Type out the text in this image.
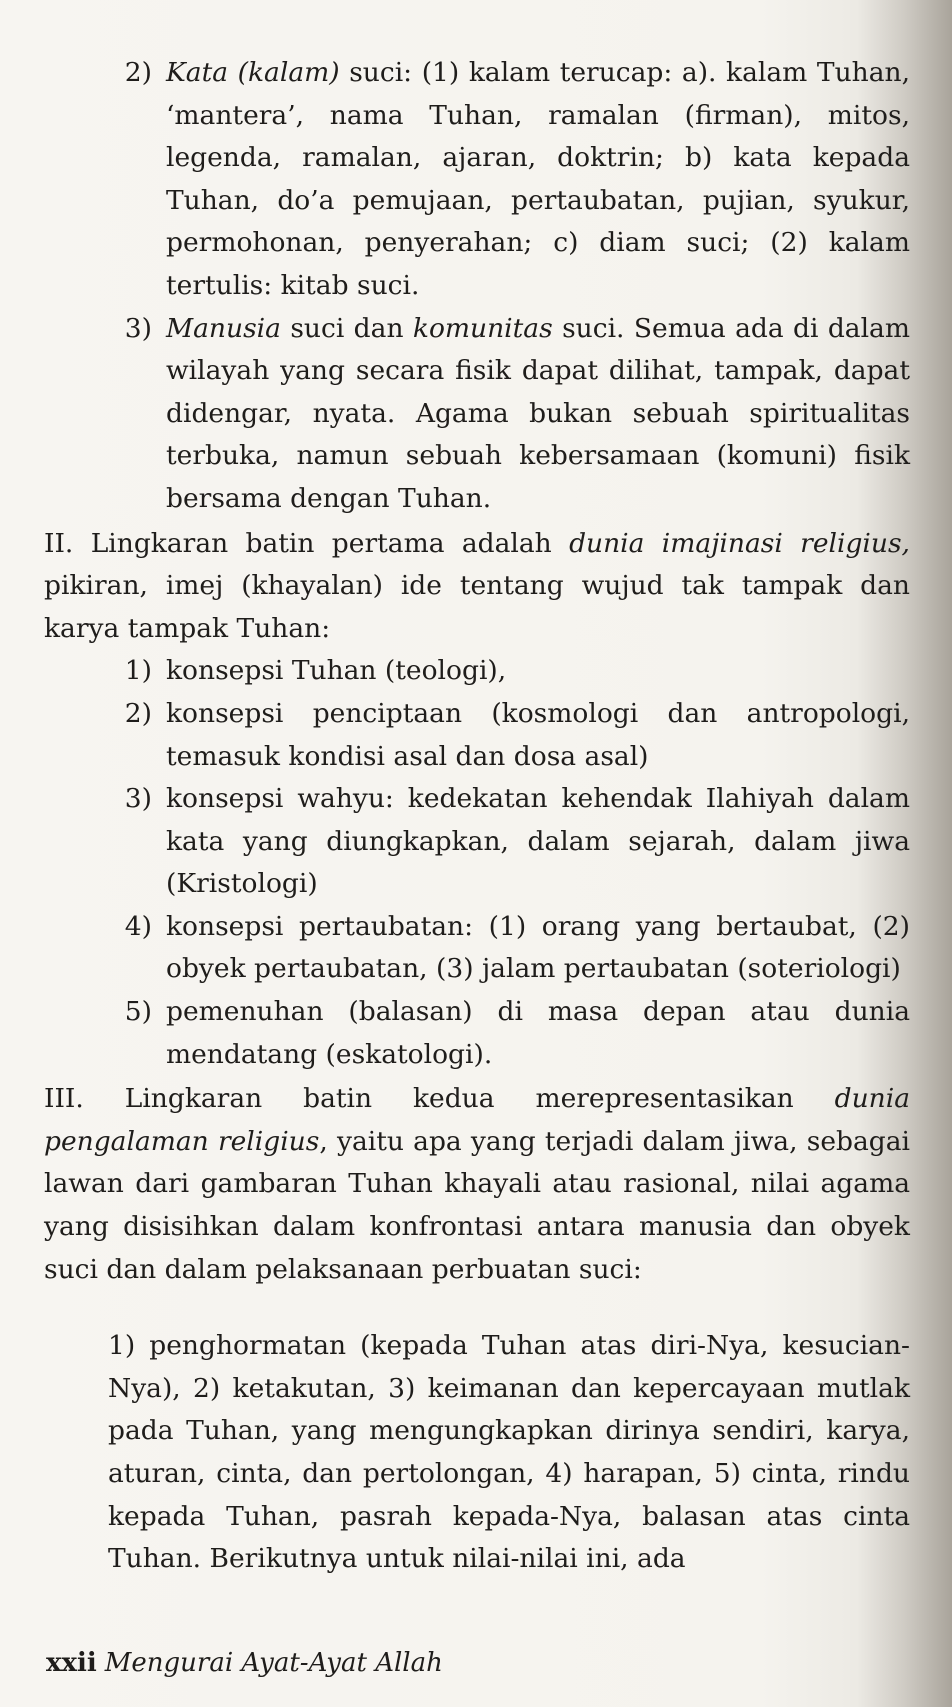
2) Kata (kalam) suci: (1) kalam terucap: a). kalam Tuhan, ‘mantera’, nama Tuhan, ramalan (firman), mitos, legenda, ramalan, ajaran, doktrin; b) kata kepada Tuhan, do’a pemujaan, pertaubatan, pujian, syukur, permohonan, penyerahan; c) diam suci; (2) kalam tertulis: kitab suci.
3) Manusia suci dan komunitas suci. Semua ada di dalam wilayah yang secara fisik dapat dilihat, tampak, dapat didengar, nyata. Agama bukan sebuah spiritualitas terbuka, namun sebuah kebersamaan (komuni) fisik bersama dengan Tuhan.

II. Lingkaran batin pertama adalah dunia imajinasi religius, pikiran, imej (khayalan) ide tentang wujud tak tampak dan karya tampak Tuhan:

1) konsepsi Tuhan (teologi),
2) konsepsi penciptaan (kosmologi dan antropologi, temasuk kondisi asal dan dosa asal)
3) konsepsi wahyu: kedekatan kehendak Ilahiyah dalam kata yang diungkapkan, dalam sejarah, dalam jiwa (Kristologi)
4) konsepsi pertaubatan: (1) orang yang bertaubat, (2) obyek pertaubatan, (3) jalam pertaubatan (soteriologi)
5) pemenuhan (balasan) di masa depan atau dunia mendatang (eskatologi).

III. Lingkaran batin kedua merepresentasikan dunia pengalaman religius, yaitu apa yang terjadi dalam jiwa, sebagai lawan dari gambaran Tuhan khayali atau rasional, nilai agama yang disisihkan dalam konfrontasi antara manusia dan obyek suci dan dalam pelaksanaan perbuatan suci:

1) penghormatan (kepada Tuhan atas diri-Nya, kesucian-Nya), 2) ketakutan, 3) keimanan dan kepercayaan mutlak pada Tuhan, yang mengungkapkan dirinya sendiri, karya, aturan, cinta, dan pertolongan, 4) harapan, 5) cinta, rindu kepada Tuhan, pasrah kepada-Nya, balasan atas cinta Tuhan. Berikutnya untuk nilai-nilai ini, ada
xxii Mengurai Ayat-Ayat Allah
